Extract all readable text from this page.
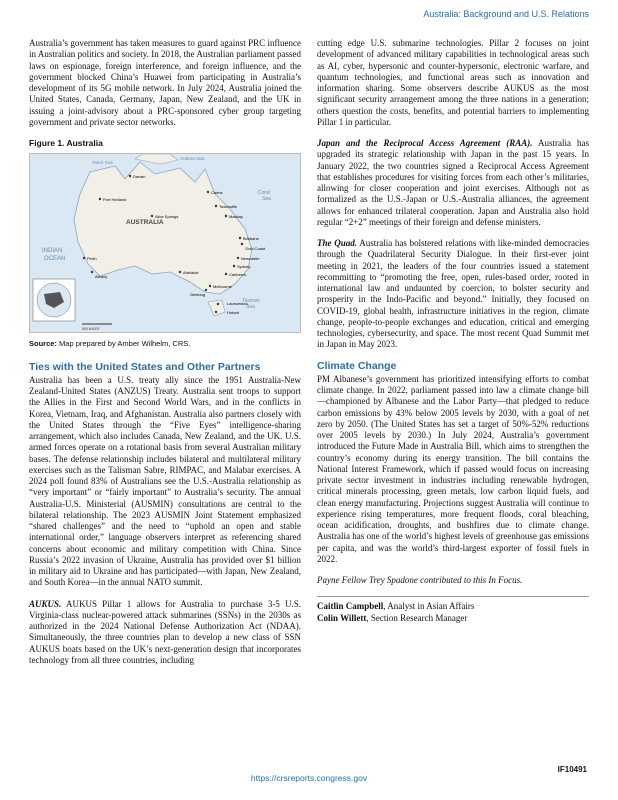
Australia: Background and U.S. Relations

Australia’s government has taken measures to guard against PRC influence in Australian politics and society. In 2018, the Australian parliament passed laws on espionage, foreign interference, and foreign influence, and the government blocked China’s Huawei from participating in Australia’s development of its 5G mobile network. In July 2024, Australia joined the United States, Canada, Germany, Japan, New Zealand, and the UK in issuing a joint-advisory about a PRC-sponsored cyber group targeting government and private sector networks.

Figure 1. Australia
AUSTRALIA
INDIAN
OCEAN
Coral
Sea
Tasman
Sea
Timor Sea
Arafura Sea
Darwin
Cairns
Townsville
Port Hedland
Alice Springs
Brisbane
Perth
Adelaide
Newcastle
Sydney
Canberra
Melbourne
Launceston
Hobart
Albany
Geelong
Gold Coast
Mackay
500 MILES
Source: Map prepared by Amber Wilhelm, CRS.
Ties with the United States and Other Partners

Australia has been a U.S. treaty ally since the 1951 Australia-New Zealand-United States (ANZUS) Treaty. Australia sent troops to support the Allies in the First and Second World Wars, and in the conflicts in Korea, Vietnam, Iraq, and Afghanistan. Australia also partners closely with the United States through the “Five Eyes” intelligence-sharing arrangement, which also includes Canada, New Zealand, and the UK. U.S. armed forces operate on a rotational basis from several Australian military bases. The defense relationship includes bilateral and multilateral military exercises such as the Talisman Sabre, RIMPAC, and Malabar exercises. A 2024 poll found 83% of Australians see the U.S.-Australia relationship as “very important” or “fairly important” to Australia’s security. The annual Australia-U.S. Ministerial (AUSMIN) consultations are central to the bilateral relationship. The 2023 AUSMIN Joint Statement emphasized “shared challenges” and the need to “uphold an open and stable international order,” language observers interpret as referencing shared concerns about economic and military competition with China. Since Russia’s 2022 invasion of Ukraine, Australia has provided over $1 billion in military aid to Ukraine and has participated—with Japan, New Zealand, and South Korea—in the annual NATO summit.

AUKUS. AUKUS Pillar 1 allows for Australia to purchase 3-5 U.S. Virginia-class nuclear-powered attack submarines (SSNs) in the 2030s as authorized in the 2024 National Defense Authorization Act (NDAA). Simultaneously, the three countries plan to develop a new class of SSN AUKUS boats based on the UK’s next-generation design that incorporates technology from all three countries, including

cutting edge U.S. submarine technologies. Pillar 2 focuses on joint development of advanced military capabilities in technological areas such as AI, cyber, hypersonic and counter-hypersonic, electronic warfare, and quantum technologies, and functional areas such as innovation and information sharing. Some observers describe AUKUS as the most significant security arrangement among the three nations in a generation; others question the costs, benefits, and potential barriers to implementing Pillar 1 in particular.

Japan and the Reciprocal Access Agreement (RAA). Australia has upgraded its strategic relationship with Japan in the past 15 years. In January 2022, the two countries signed a Reciprocal Access Agreement that establishes procedures for visiting forces from each other’s militaries, allowing for closer cooperation and joint exercises. Although not as formalized as the U.S.-Japan or U.S.-Australia alliances, the agreement allows for enhanced trilateral cooperation. Japan and Australia also hold regular “2+2” meetings of their foreign and defense ministers.

The Quad. Australia has bolstered relations with like-minded democracies through the Quadrilateral Security Dialogue. In their first-ever joint meeting in 2021, the leaders of the four countries issued a statement recommitting to “promoting the free, open, rules-based order, rooted in international law and undaunted by coercion, to bolster security and prosperity in the Indo-Pacific and beyond.” Initially, they focused on COVID-19, global health, infrastructure initiatives in the region, climate change, people-to-people exchanges and education, critical and emerging technologies, cybersecurity, and space. The most recent Quad Summit met in Japan in May 2023.

Climate Change

PM Albanese’s government has prioritized intensifying efforts to combat climate change. In 2022, parliament passed into law a climate change bill—championed by Albanese and the Labor Party—that pledged to reduce carbon emissions by 43% below 2005 levels by 2030, with a goal of net zero by 2050. (The United States has set a target of 50%-52% reductions over 2005 levels by 2030.) In July 2024, Australia’s government introduced the Future Made in Australia Bill, which aims to strengthen the country’s economy during its energy transition. The bill contains the National Interest Framework, which if passed would focus on increasing private sector investment in industries including renewable hydrogen, critical minerals processing, green metals, low carbon liquid fuels, and clean energy manufacturing. Projections suggest Australia will continue to experience rising temperatures, more frequent floods, coral bleaching, ocean acidification, droughts, and bushfires due to climate change. Australia has one of the world’s highest levels of greenhouse gas emissions per capita, and was the world’s third-largest exporter of fossil fuels in 2022.

Payne Fellow Trey Spadone contributed to this In Focus.
Caitlin Campbell, Analyst in Asian Affairs
Colin Willett, Section Research Manager
IF10491
https://crsreports.congress.gov
